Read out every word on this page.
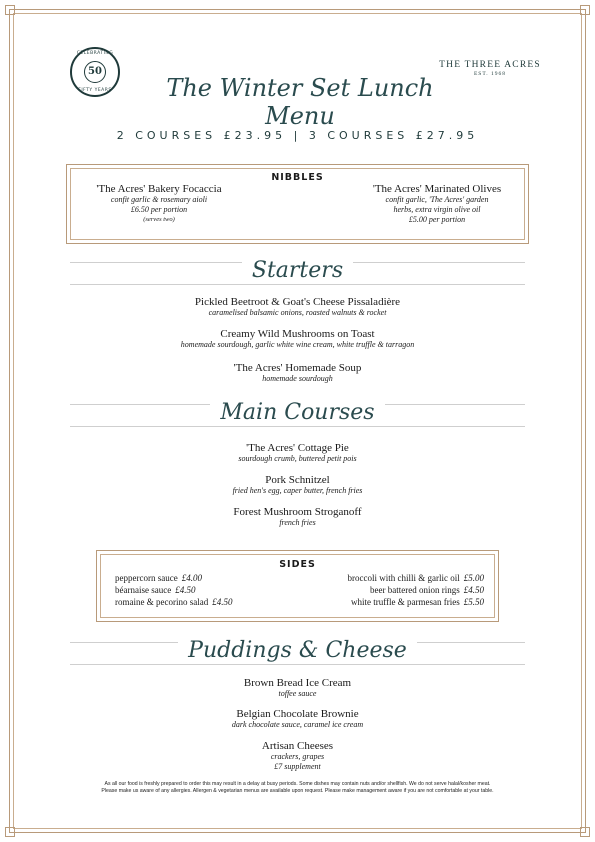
CELEBRATING
50
FIFTY YEARS
THE THREE ACRES
EST. 1968
The Winter Set Lunch Menu
2 COURSES £23.95 | 3 COURSES £27.95
NIBBLES
'The Acres' Bakery Focaccia
confit garlic & rosemary aioli
£6.50 per portion
(serves two)
'The Acres' Marinated Olives
confit garlic, 'The Acres' garden
herbs, extra virgin olive oil
£5.00 per portion
Starters
Pickled Beetroot & Goat's Cheese Pissaladière
caramelised balsamic onions, roasted walnuts & rocket
Creamy Wild Mushrooms on Toast
homemade sourdough, garlic white wine cream, white truffle & tarragon
'The Acres' Homemade Soup
homemade sourdough
Main Courses
'The Acres' Cottage Pie
sourdough crumb, buttered petit pois
Pork Schnitzel
fried hen's egg, caper butter, french fries
Forest Mushroom Stroganoff
french fries
SIDES
peppercorn sauce £4.00
béarnaise sauce £4.50
romaine & pecorino salad £4.50
broccoli with chilli & garlic oil £5.00
beer battered onion rings £4.50
white truffle & parmesan fries £5.50
Puddings & Cheese
Brown Bread Ice Cream
toffee sauce
Belgian Chocolate Brownie
dark chocolate sauce, caramel ice cream
Artisan Cheeses
crackers, grapes
£7 supplement
As all our food is freshly prepared to order this may result in a delay at busy periods. Some dishes may contain nuts and/or shellfish. We do not serve halal/kosher meat.
Please make us aware of any allergies. Allergen & vegetarian menus are available upon request. Please make management aware if you are not comfortable at your table.
